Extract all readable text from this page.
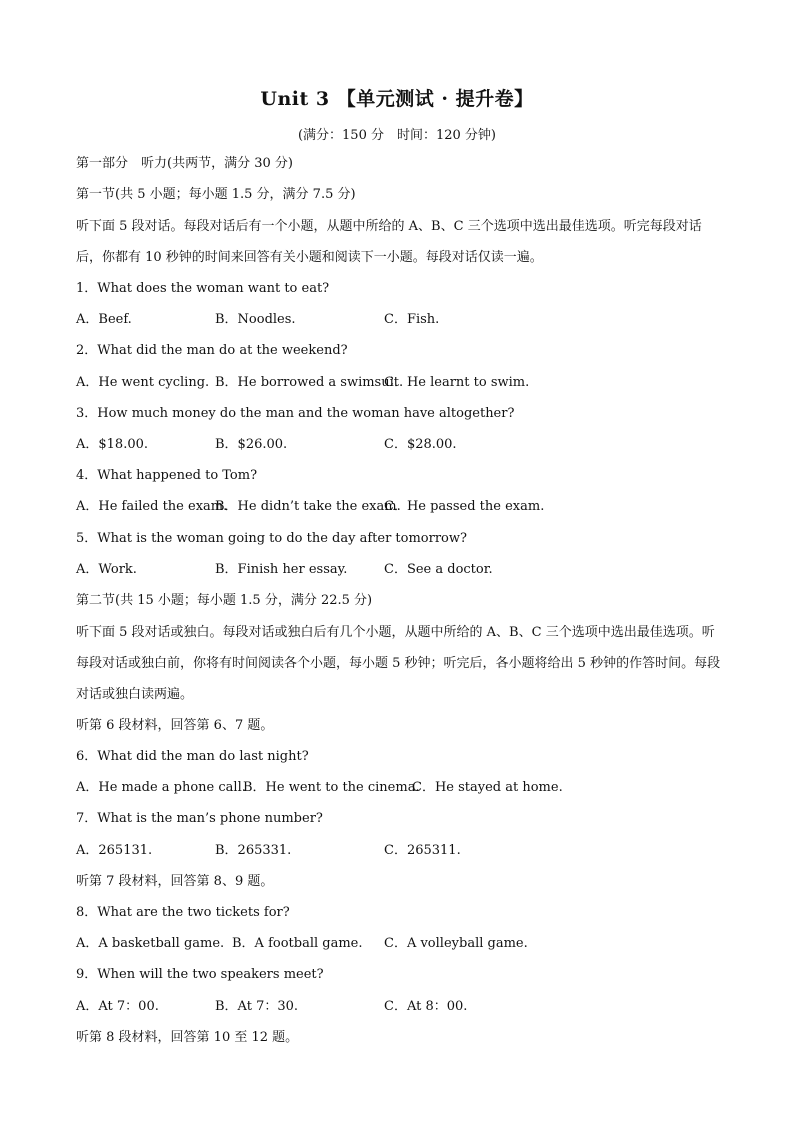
Unit 3 【单元测试 · 提升卷】
(满分：150 分　时间：120 分钟)
第一部分　听力(共两节，满分 30 分)
第一节(共 5 小题；每小题 1.5 分，满分 7.5 分)
听下面 5 段对话。每段对话后有一个小题，从题中所给的 A、B、C 三个选项中选出最佳选项。听完每段对话后，你都有 10 秒钟的时间来回答有关小题和阅读下一小题。每段对话仅读一遍。
1．What does the woman want to eat?
A．Beef.	B．Noodles.	C．Fish.
2．What did the man do at the weekend?
A．He went cycling. B．He borrowed a swimsuit.
C．He learnt to swim.
3．How much money do the man and the woman have altogether?
A．$18.00.	B．$26.00.	C．$28.00.
4．What happened to Tom?
A．He failed the exam.
B．He didn’t take the exam.
C．He passed the exam.
5．What is the woman going to do the day after tomorrow?
A．Work.	B．Finish her essay.	C．See a doctor.
第二节(共 15 小题；每小题 1.5 分，满分 22.5 分)
听下面 5 段对话或独白。每段对话或独白后有几个小题，从题中所给的 A、B、C 三个选项中选出最佳选项。听每段对话或独白前，你将有时间阅读各个小题，每小题 5 秒钟；听完后，各小题将给出 5 秒钟的作答时间。每段对话或独白读两遍。
听第 6 段材料，回答第 6、7 题。
6．What did the man do last night?
A．He made a phone call.
B．He went to the cinema.
C．He stayed at home.
7．What is the man’s phone number?
A．265131.	B．265331.	C．265311.
听第 7 段材料，回答第 8、9 题。
8．What are the two tickets for?
A．A basketball game. B．A football game. C．A volleyball game.
9．When will the two speakers meet?
A．At 7：00.	B．At 7：30.	C．At 8：00.
听第 8 段材料，回答第 10 至 12 题。
